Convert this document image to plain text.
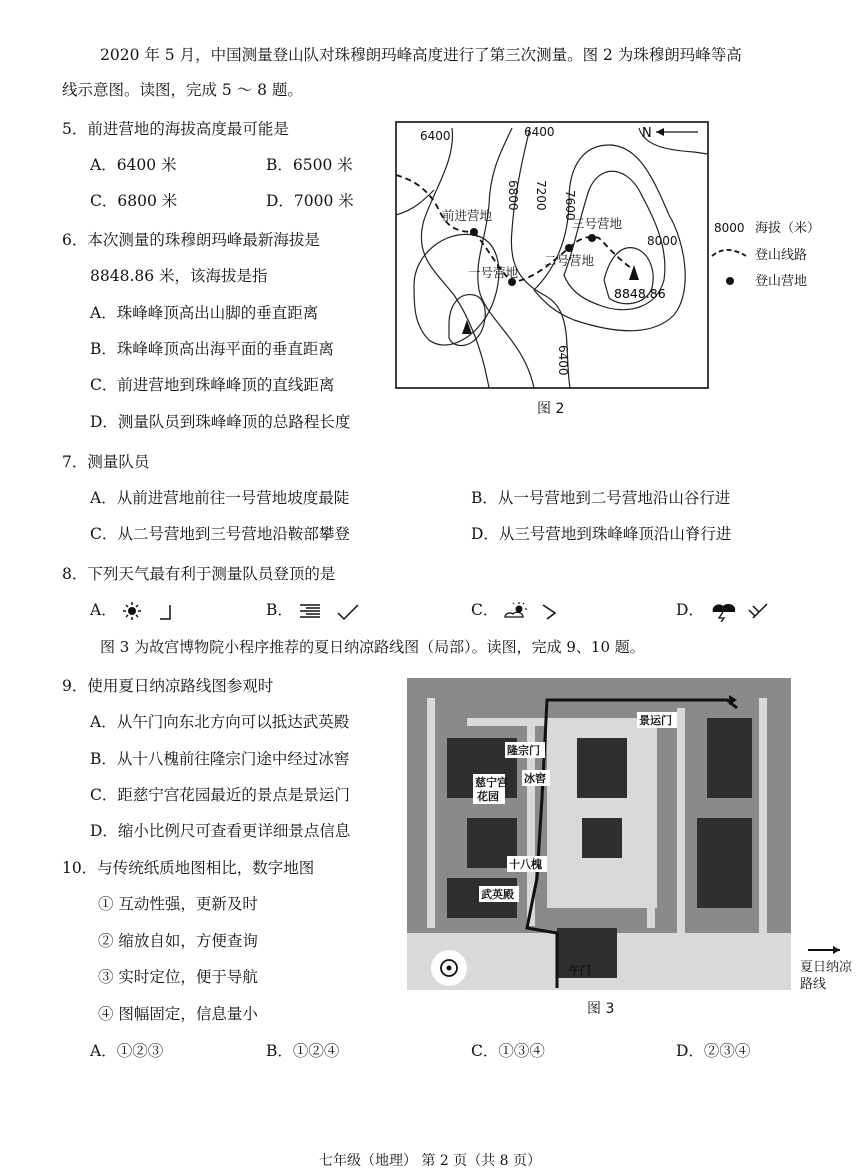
2020 年 5 月，中国测量登山队对珠穆朗玛峰高度进行了第三次测量。图 2 为珠穆朗玛峰等高
线示意图。读图，完成 5 ～ 8 题。
5．前进营地的海拔高度最可能是
A．6400 米	B．6500 米
C．6800 米	D．7000 米
6．本次测量的珠穆朗玛峰最新海拔是
8848.86 米，该海拔是指
A．珠峰峰顶高出山脚的垂直距离
B．珠峰峰顶高出海平面的垂直距离
C．前进营地到珠峰峰顶的直线距离
D．测量队员到珠峰峰顶的总路程长度
6400	6400
6800 7200 7600
8000
8000
6400
N
前进营地
一号营地
二号营地
三号营地
8848.86
海拔（米）
登山线路
登山营地
图 2
7．测量队员
A．从前进营地前往一号营地坡度最陡	B．从一号营地到二号营地沿山谷行进
C．从二号营地到三号营地沿鞍部攀登	D．从三号营地到珠峰峰顶沿山脊行进
8．下列天气最有利于测量队员登顶的是
A．	B．	C．	D．
图 3 为故宫博物院小程序推荐的夏日纳凉路线图（局部）。读图，完成 9、10 题。
9．使用夏日纳凉路线图参观时
A．从午门向东北方向可以抵达武英殿
B．从十八槐前往隆宗门途中经过冰窖
C．距慈宁宫花园最近的景点是景运门
D．缩小比例尺可查看更详细景点信息
10．与传统纸质地图相比，数字地图
① 互动性强，更新及时
② 缩放自如，方便查询
③ 实时定位，便于导航
④ 图幅固定，信息量小
A．①②③	B．①②④	C．①③④	D．②③④
隆宗门
景运门
慈宁宫花园
冰窖
十八槐
武英殿
午门	夏日纳凉
路线
图 3
七年级（地理） 第 2 页（共 8 页）
